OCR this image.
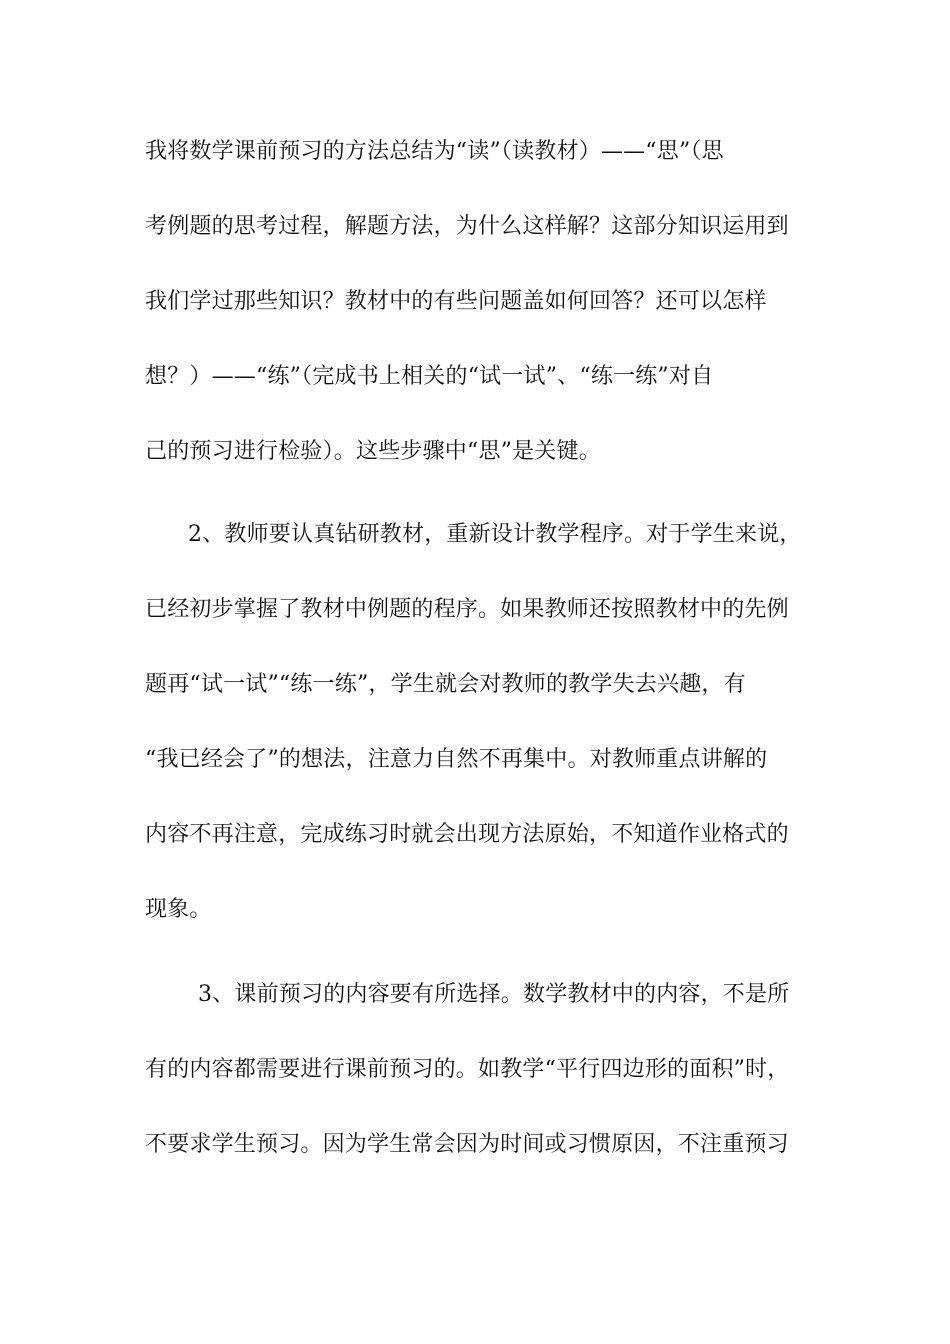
我将数学课前预习的方法总结为“读”（读教材）——“思”（思
考例题的思考过程，解题方法，为什么这样解？这部分知识运用到
我们学过那些知识？教材中的有些问题盖如何回答？还可以怎样
想？）——“练”（完成书上相关的“试一试”、“练一练”对自
己的预习进行检验）。这些步骤中“思”是关键。
2、教师要认真钻研教材，重新设计教学程序。对于学生来说，
已经初步掌握了教材中例题的程序。如果教师还按照教材中的先例
题再“试一试”“练一练”，学生就会对教师的教学失去兴趣，有
“我已经会了”的想法，注意力自然不再集中。对教师重点讲解的
内容不再注意，完成练习时就会出现方法原始，不知道作业格式的
现象。
3、课前预习的内容要有所选择。数学教材中的内容，不是所
有的内容都需要进行课前预习的。如教学“平行四边形的面积”时，
不要求学生预习。因为学生常会因为时间或习惯原因，不注重预习
